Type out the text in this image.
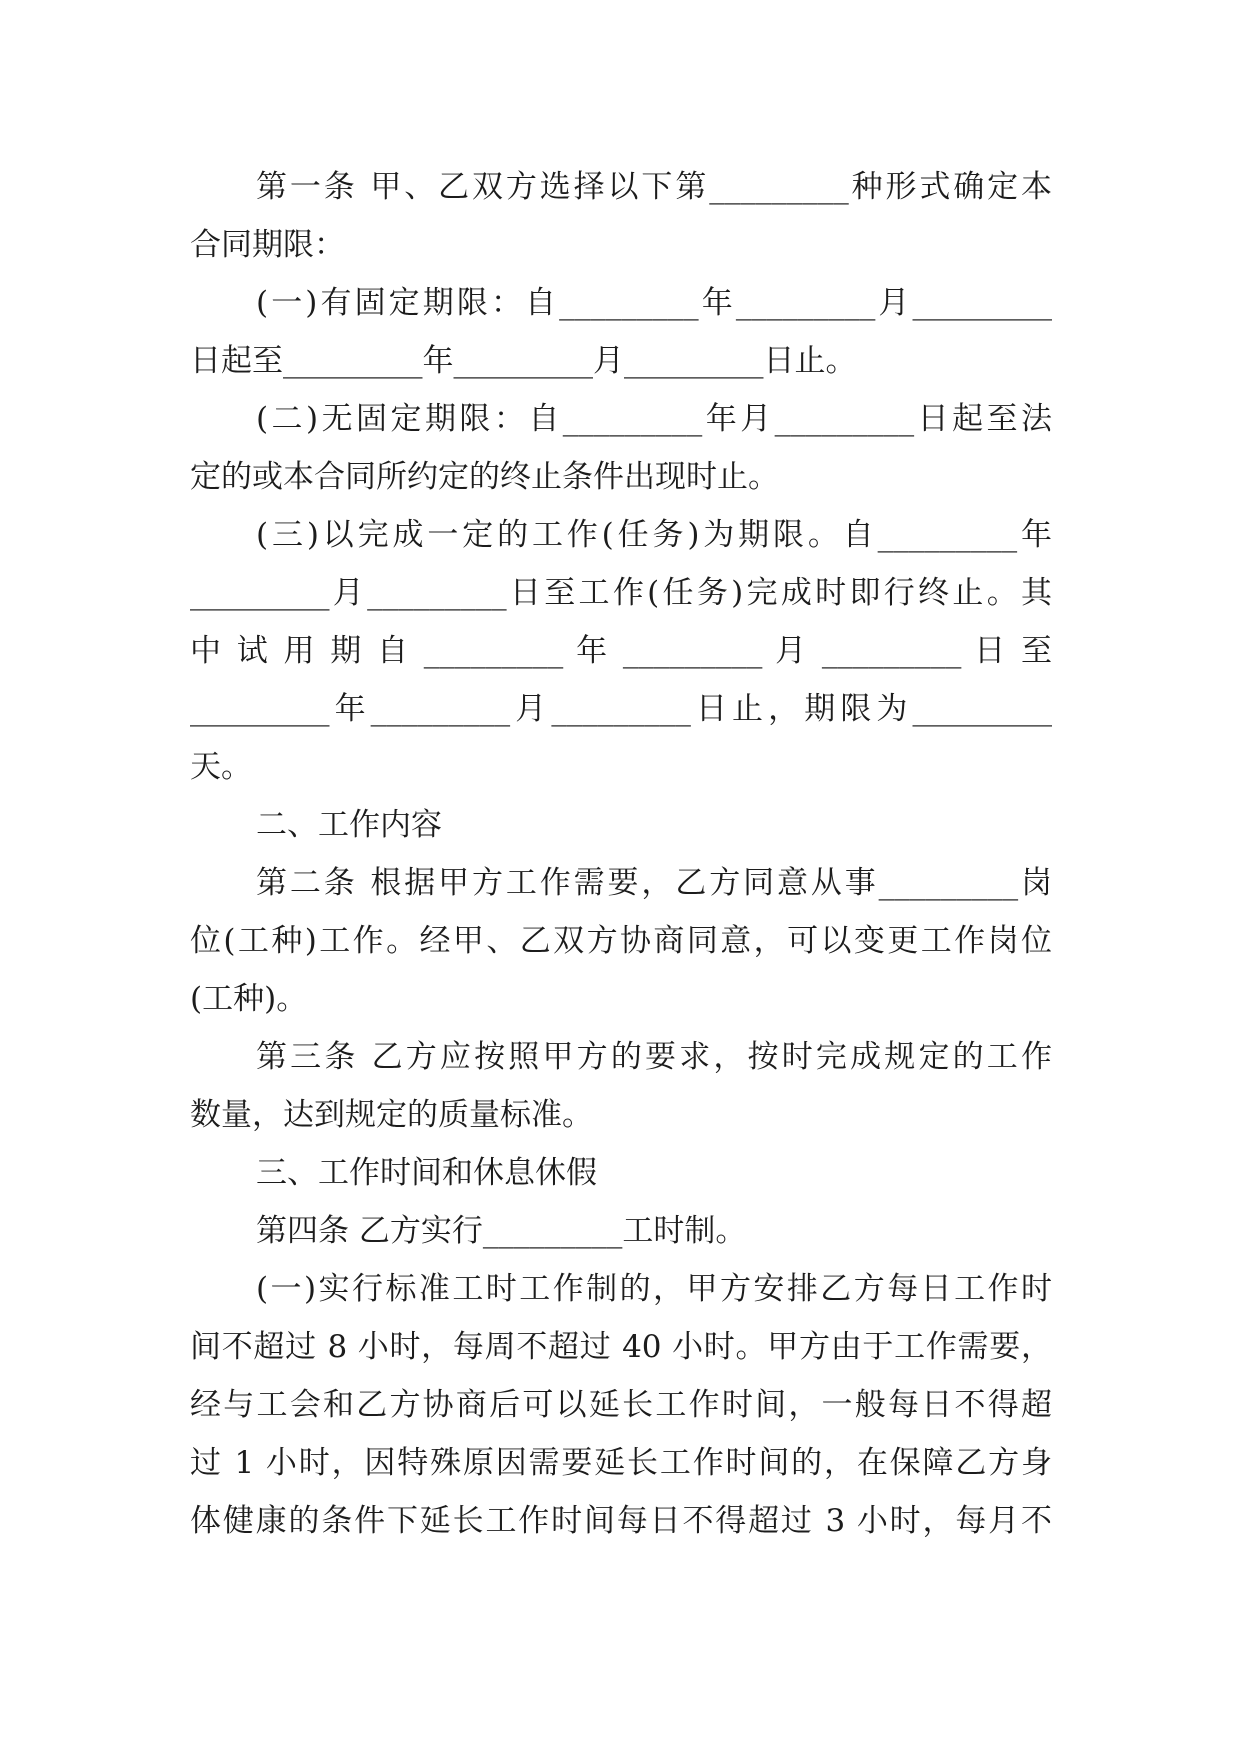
第一条 甲、乙双方选择以下第_________种形式确定本
合同期限：
(一)有固定期限：自_________年_________月_________
日起至_________年_________月_________日止。
(二)无固定期限：自_________年月_________日起至法
定的或本合同所约定的终止条件出现时止。
(三)以完成一定的工作(任务)为期限。自_________年
_________月_________日至工作(任务)完成时即行终止。其
中 试 用 期 自 _________ 年 _________ 月 _________ 日 至
_________年_________月_________日止，期限为_________
天。
二、工作内容
第二条 根据甲方工作需要，乙方同意从事_________岗
位(工种)工作。经甲、乙双方协商同意，可以变更工作岗位
(工种)。
第三条 乙方应按照甲方的要求，按时完成规定的工作
数量，达到规定的质量标准。
三、工作时间和休息休假
第四条 乙方实行_________工时制。
(一)实行标准工时工作制的，甲方安排乙方每日工作时
间不超过 8 小时，每周不超过 40 小时。甲方由于工作需要，
经与工会和乙方协商后可以延长工作时间，一般每日不得超
过 1 小时，因特殊原因需要延长工作时间的，在保障乙方身
体健康的条件下延长工作时间每日不得超过 3 小时，每月不
